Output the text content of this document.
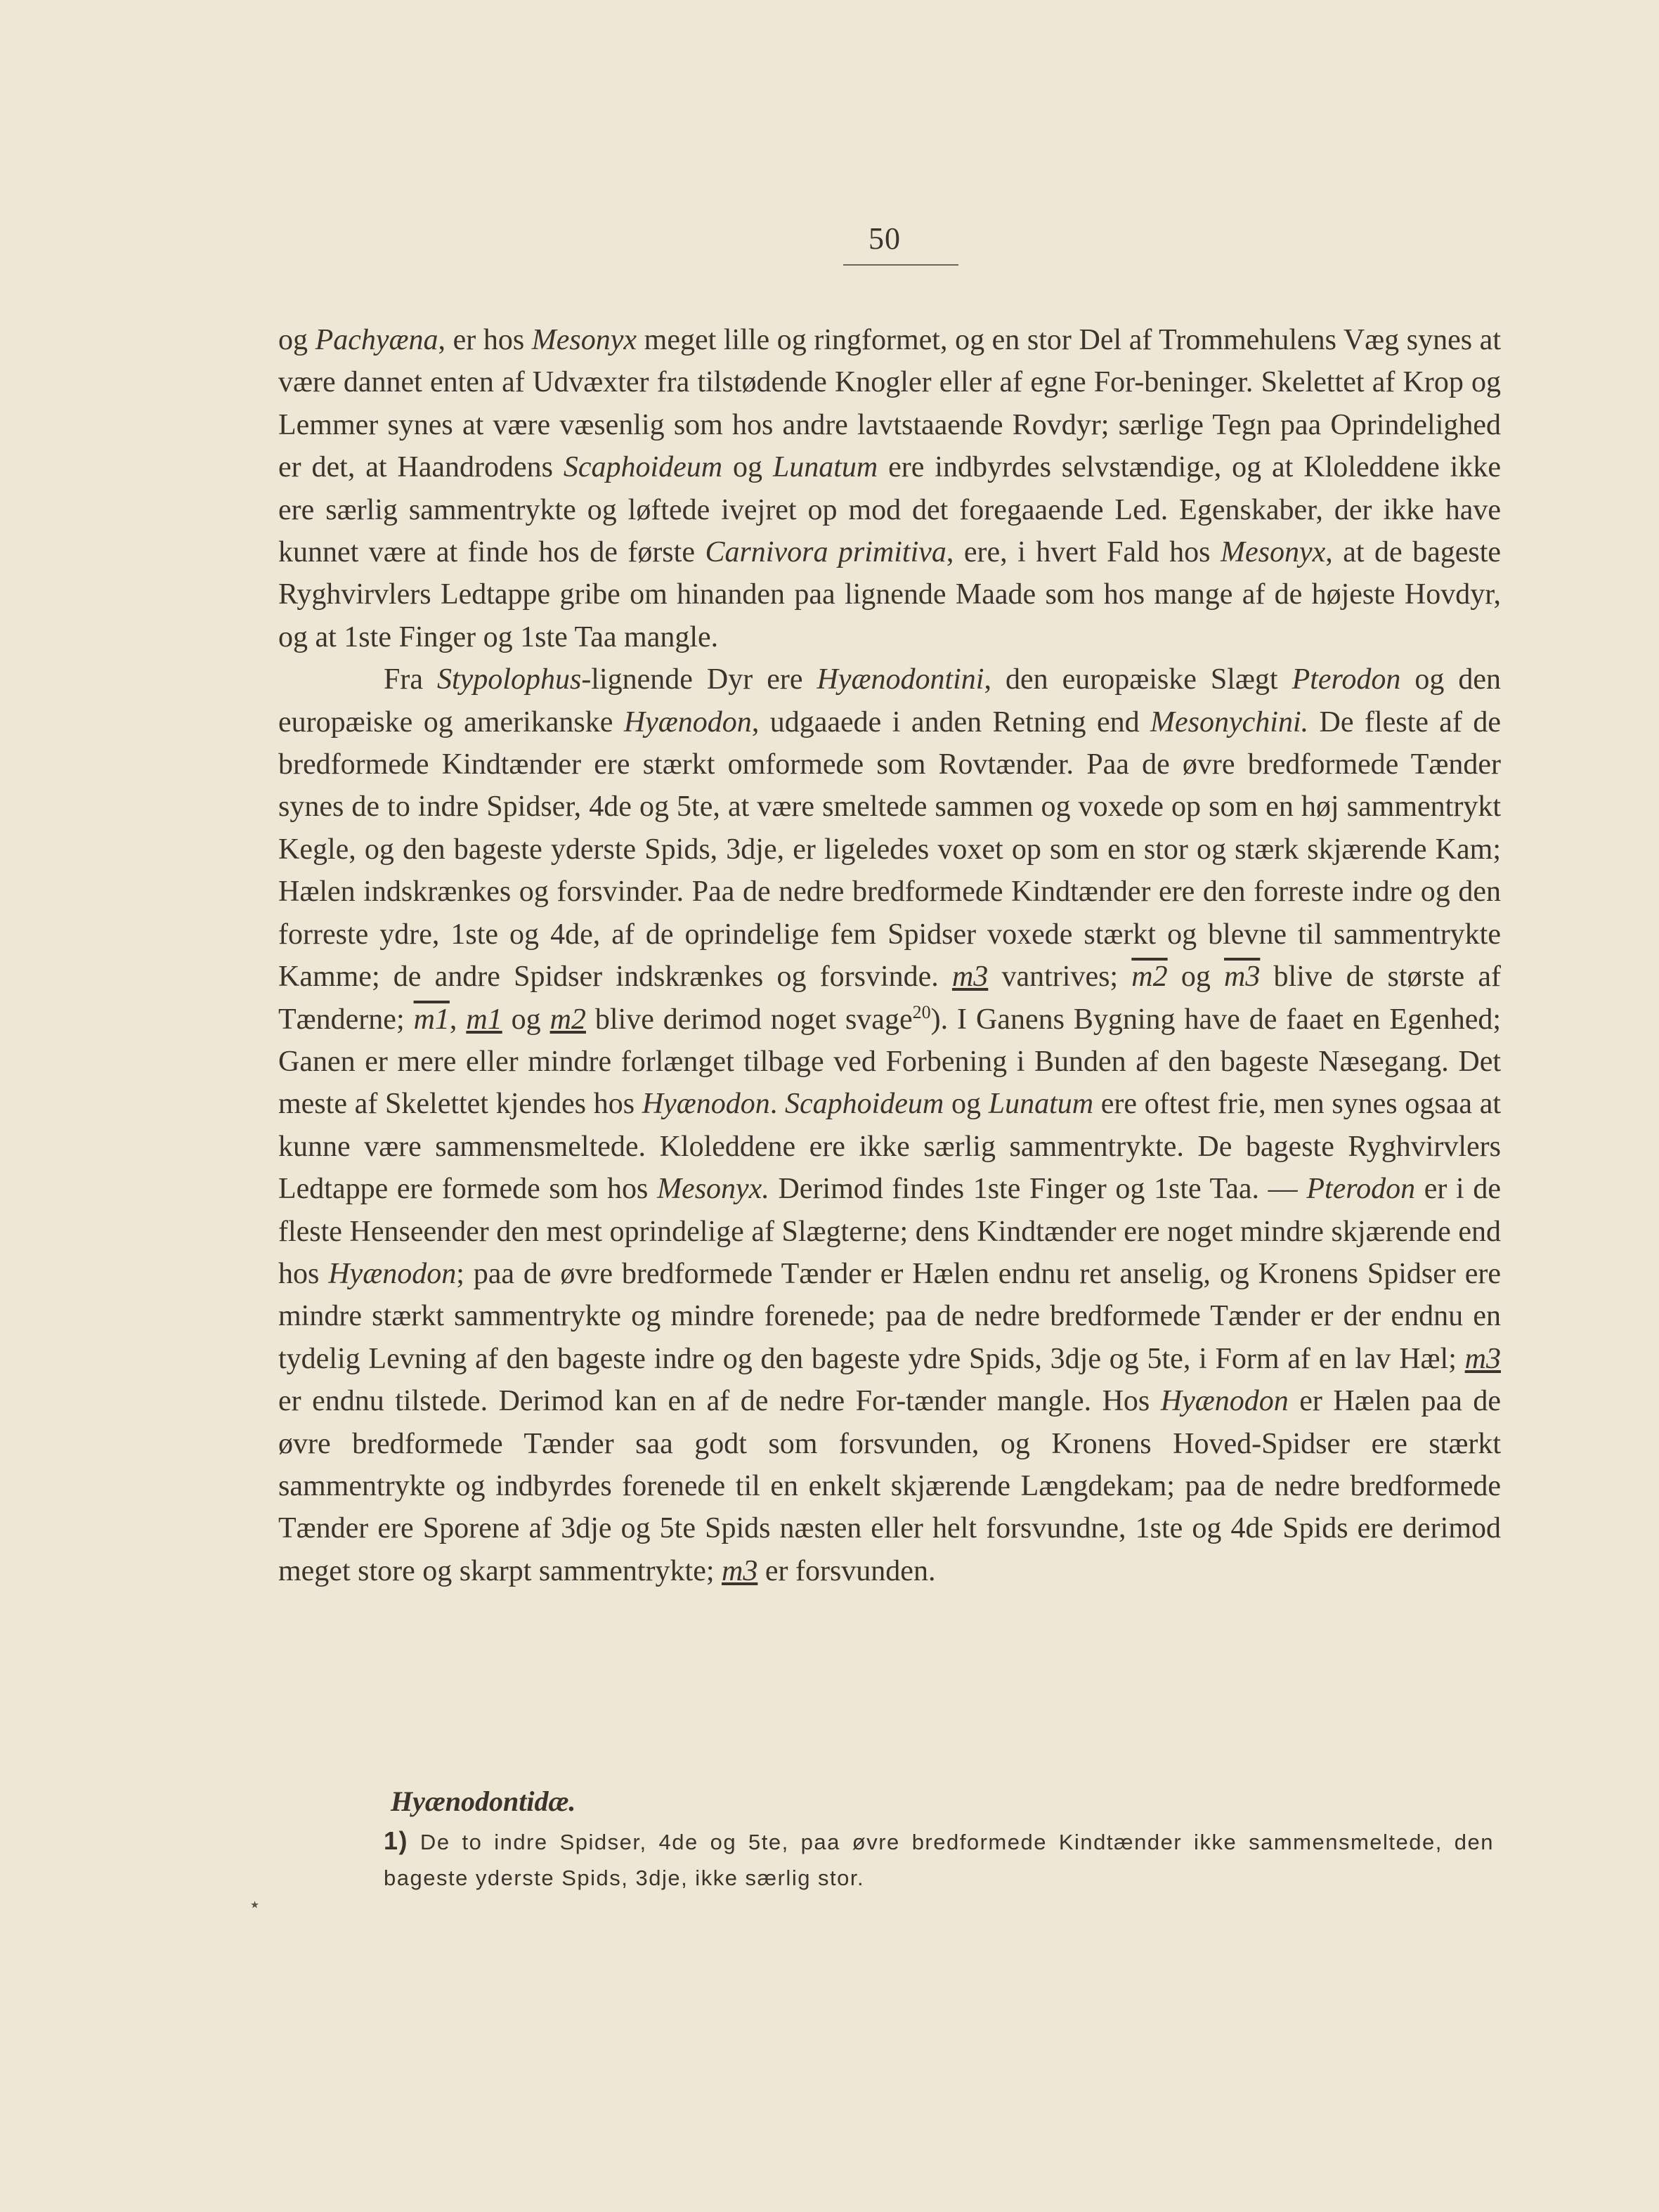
50

og Pachyæna, er hos Mesonyx meget lille og ringformet, og en stor Del af Trommehulens Væg synes at være dannet enten af Udvæxter fra tilstødende Knogler eller af egne For-beninger. Skelettet af Krop og Lemmer synes at være væsenlig som hos andre lavtstaaende Rovdyr; særlige Tegn paa Oprindelighed er det, at Haandrodens Scaphoideum og Lunatum ere indbyrdes selvstændige, og at Kloleddene ikke ere særlig sammentrykte og løftede ivejret op mod det foregaaende Led. Egenskaber, der ikke have kunnet være at finde hos de første Carnivora primitiva, ere, i hvert Fald hos Mesonyx, at de bageste Ryghvirvlers Ledtappe gribe om hinanden paa lignende Maade som hos mange af de højeste Hovdyr, og at 1ste Finger og 1ste Taa mangle.

Fra Stypolophus-lignende Dyr ere Hyænodontini, den europæiske Slægt Pterodon og den europæiske og amerikanske Hyænodon, udgaaede i anden Retning end Mesonychini. De fleste af de bredformede Kindtænder ere stærkt omformede som Rovtænder. Paa de øvre bredformede Tænder synes de to indre Spidser, 4de og 5te, at være smeltede sammen og voxede op som en høj sammentrykt Kegle, og den bageste yderste Spids, 3dje, er ligeledes voxet op som en stor og stærk skjærende Kam; Hælen indskrænkes og forsvinder. Paa de nedre bredformede Kindtænder ere den forreste indre og den forreste ydre, 1ste og 4de, af de oprindelige fem Spidser voxede stærkt og blevne til sammentrykte Kamme; de andre Spidser indskrænkes og forsvinde. m3 vantrives; m2 og m3 blive de største af Tænderne; m1, m1 og m2 blive derimod noget svage$^{20}$). I Ganens Bygning have de faaet en Egenhed; Ganen er mere eller mindre forlænget tilbage ved Forbening i Bunden af den bageste Næsegang. Det meste af Skelettet kjendes hos Hyænodon. Scaphoideum og Lunatum ere oftest frie, men synes ogsaa at kunne være sammensmeltede. Kloleddene ere ikke særlig sammentrykte. De bageste Ryghvirvlers Ledtappe ere formede som hos Mesonyx. Derimod findes 1ste Finger og 1ste Taa. — Pterodon er i de fleste Henseender den mest oprindelige af Slægterne; dens Kindtænder ere noget mindre skjærende end hos Hyænodon; paa de øvre bredformede Tænder er Hælen endnu ret anselig, og Kronens Spidser ere mindre stærkt sammentrykte og mindre forenede; paa de nedre bredformede Tænder er der endnu en tydelig Levning af den bageste indre og den bageste ydre Spids, 3dje og 5te, i Form af en lav Hæl; m3 er endnu tilstede. Derimod kan en af de nedre For-tænder mangle. Hos Hyænodon er Hælen paa de øvre bredformede Tænder saa godt som forsvunden, og Kronens Hoved-Spidser ere stærkt sammentrykte og indbyrdes forenede til en enkelt skjærende Længdekam; paa de nedre bredformede Tænder ere Sporene af 3dje og 5te Spids næsten eller helt forsvundne, 1ste og 4de Spids ere derimod meget store og skarpt sammentrykte; m3 er forsvunden.

Hyænodontidæ.
1) De to indre Spidser, 4de og 5te, paa øvre bredformede Kindtænder ikke sammensmeltede, den bageste yderste Spids, 3dje, ikke særlig stor.
٭
